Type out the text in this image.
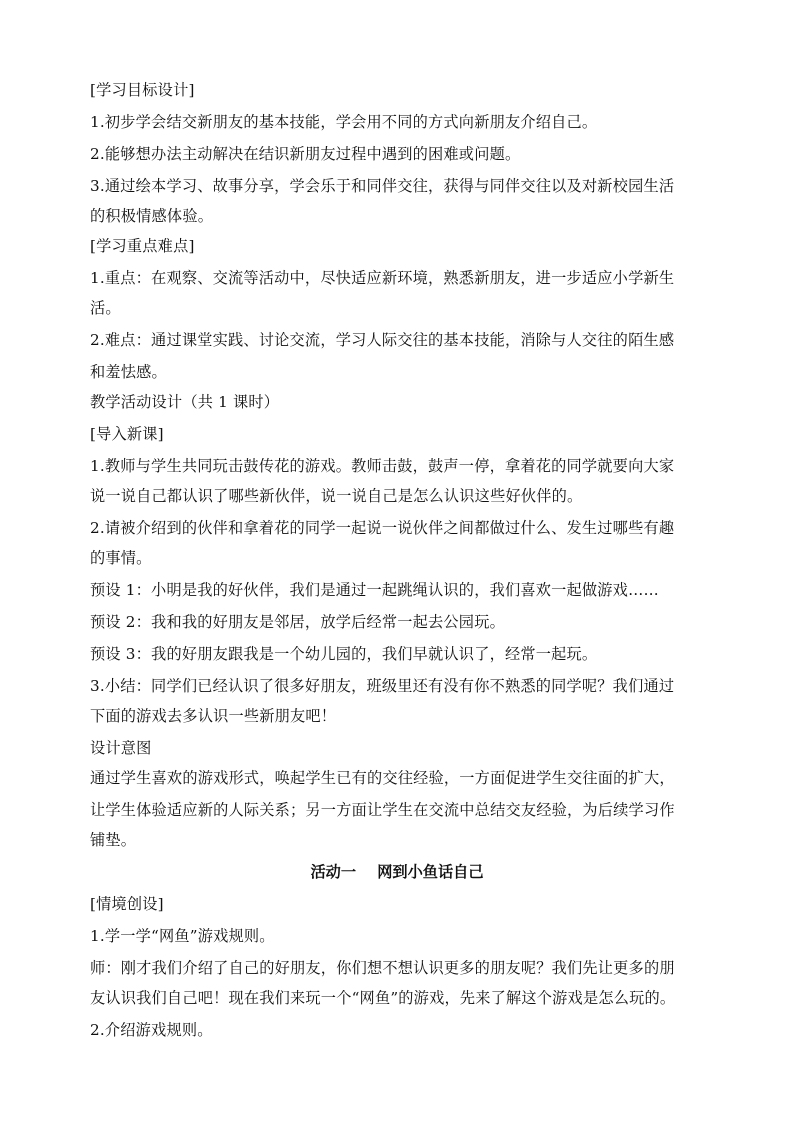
[学习目标设计]
1.初步学会结交新朋友的基本技能，学会用不同的方式向新朋友介绍自己。
2.能够想办法主动解决在结识新朋友过程中遇到的困难或问题。
3.通过绘本学习、故事分享，学会乐于和同伴交往，获得与同伴交往以及对新校园生活
的积极情感体验。
[学习重点难点]
1.重点：在观察、交流等活动中，尽快适应新环境，熟悉新朋友，进一步适应小学新生
活。
2.难点：通过课堂实践、讨论交流，学习人际交往的基本技能，消除与人交往的陌生感
和羞怯感。
教学活动设计（共 1 课时）
[导入新课]
1.教师与学生共同玩击鼓传花的游戏。教师击鼓，鼓声一停，拿着花的同学就要向大家
说一说自己都认识了哪些新伙伴，说一说自己是怎么认识这些好伙伴的。
2.请被介绍到的伙伴和拿着花的同学一起说一说伙伴之间都做过什么、发生过哪些有趣
的事情。
预设 1：小明是我的好伙伴，我们是通过一起跳绳认识的，我们喜欢一起做游戏……
预设 2：我和我的好朋友是邻居，放学后经常一起去公园玩。
预设 3：我的好朋友跟我是一个幼儿园的，我们早就认识了，经常一起玩。
3.小结：同学们已经认识了很多好朋友，班级里还有没有你不熟悉的同学呢？我们通过
下面的游戏去多认识一些新朋友吧！
设计意图
通过学生喜欢的游戏形式，唤起学生已有的交往经验，一方面促进学生交往面的扩大，
让学生体验适应新的人际关系；另一方面让学生在交流中总结交友经验，为后续学习作
铺垫。
活动一    网到小鱼话自己
[情境创设]
1.学一学“网鱼”游戏规则。
师：刚才我们介绍了自己的好朋友，你们想不想认识更多的朋友呢？我们先让更多的朋
友认识我们自己吧！现在我们来玩一个“网鱼”的游戏，先来了解这个游戏是怎么玩的。
2.介绍游戏规则。
